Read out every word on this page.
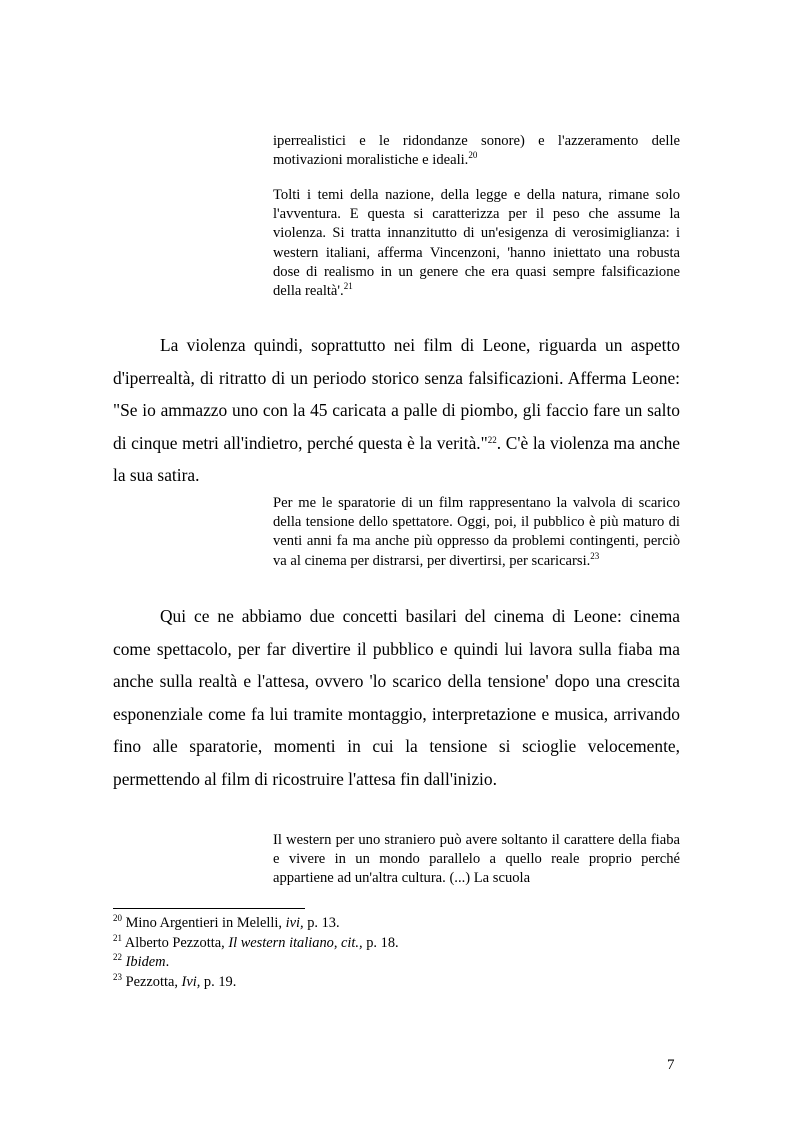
iperrealistici e le ridondanze sonore) e l'azzeramento delle motivazioni moralistiche e ideali.$^{20}$

Tolti i temi della nazione, della legge e della natura, rimane solo l'avventura. E questa si caratterizza per il peso che assume la violenza. Si tratta innanzitutto di un'esigenza di verosimiglianza: i western italiani, afferma Vincenzoni, 'hanno iniettato una robusta dose di realismo in un genere che era quasi sempre falsificazione della realtà'.$^{21}$

La violenza quindi, soprattutto nei film di Leone, riguarda un aspetto d'iperrealtà, di ritratto di un periodo storico senza falsificazioni. Afferma Leone: "Se io ammazzo uno con la 45 caricata a palle di piombo, gli faccio fare un salto di cinque metri all'indietro, perché questa è la verità."$^{22}$. C'è la violenza ma anche la sua satira.

Per me le sparatorie di un film rappresentano la valvola di scarico della tensione dello spettatore. Oggi, poi, il pubblico è più maturo di venti anni fa ma anche più oppresso da problemi contingenti, perciò va al cinema per distrarsi, per divertirsi, per scaricarsi.$^{23}$

Qui ce ne abbiamo due concetti basilari del cinema di Leone: cinema come spettacolo, per far divertire il pubblico e quindi lui lavora sulla fiaba ma anche sulla realtà e l'attesa, ovvero 'lo scarico della tensione' dopo una crescita esponenziale come fa lui tramite montaggio, interpretazione e musica, arrivando fino alle sparatorie, momenti in cui la tensione si scioglie velocemente, permettendo al film di ricostruire l'attesa fin dall'inizio.

Il western per uno straniero può avere soltanto il carattere della fiaba e vivere in un mondo parallelo a quello reale proprio perché appartiene ad un'altra cultura. (...) La scuola

$^{20}$ Mino Argentieri in Melelli, ivi, p. 13.
$^{21}$ Alberto Pezzotta, Il western italiano, cit., p. 18.
$^{22}$ Ibidem.
$^{23}$ Pezzotta, Ivi, p. 19.
7
